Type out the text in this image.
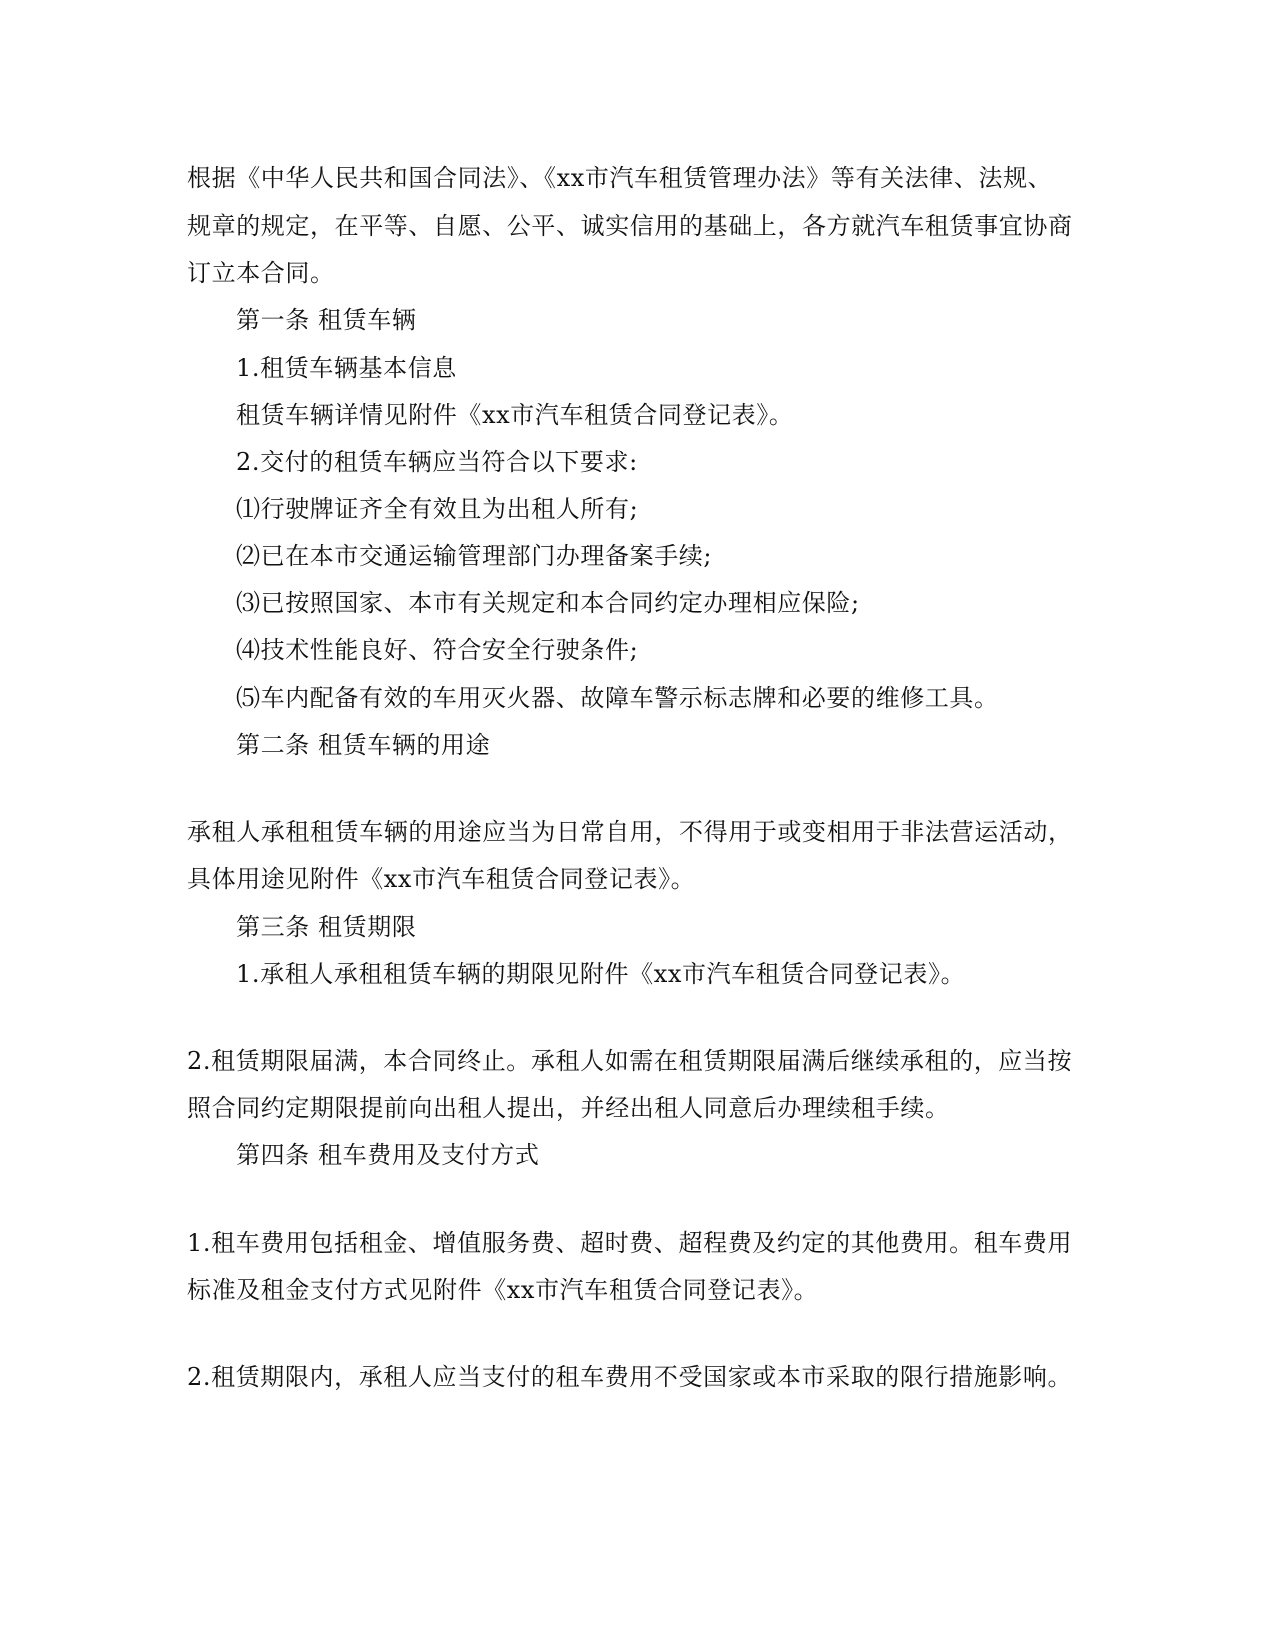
根据《中华人民共和国合同法》、《xx市汽车租赁管理办法》等有关法律、法规、
规章的规定，在平等、自愿、公平、诚实信用的基础上，各方就汽车租赁事宜协商
订立本合同。
第一条 租赁车辆
1.租赁车辆基本信息
租赁车辆详情见附件《xx市汽车租赁合同登记表》。
2.交付的租赁车辆应当符合以下要求:
⑴行驶牌证齐全有效且为出租人所有;
⑵已在本市交通运输管理部门办理备案手续;
⑶已按照国家、本市有关规定和本合同约定办理相应保险;
⑷技术性能良好、符合安全行驶条件;
⑸车内配备有效的车用灭火器、故障车警示标志牌和必要的维修工具。
第二条 租赁车辆的用途
承租人承租租赁车辆的用途应当为日常自用，不得用于或变相用于非法营运活动，
具体用途见附件《xx市汽车租赁合同登记表》。
第三条 租赁期限
1.承租人承租租赁车辆的期限见附件《xx市汽车租赁合同登记表》。
2.租赁期限届满，本合同终止。承租人如需在租赁期限届满后继续承租的，应当按
照合同约定期限提前向出租人提出，并经出租人同意后办理续租手续。
第四条 租车费用及支付方式
1.租车费用包括租金、增值服务费、超时费、超程费及约定的其他费用。租车费用
标准及租金支付方式见附件《xx市汽车租赁合同登记表》。
2.租赁期限内，承租人应当支付的租车费用不受国家或本市采取的限行措施影响。
